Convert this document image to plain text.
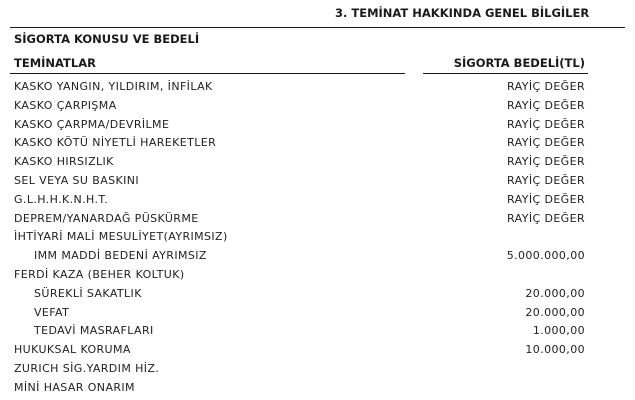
3. TEMİNAT HAKKINDA GENEL BİLGİLER
SİGORTA KONUSU VE BEDELİ
TEMİNATLAR	SİGORTA BEDELİ(TL)
KASKO YANGIN, YILDIRIM, İNFİLAK	RAYİÇ DEĞER
KASKO ÇARPIŞMA	RAYİÇ DEĞER
KASKO ÇARPMA/DEVRİLME	RAYİÇ DEĞER
KASKO KÖTÜ NİYETLİ HAREKETLER	RAYİÇ DEĞER
KASKO HIRSIZLIK	RAYİÇ DEĞER
SEL VEYA SU BASKINI	RAYİÇ DEĞER
G.L.H.H.K.N.H.T.	RAYİÇ DEĞER
DEPREM/YANARDAĞ PÜSKÜRME	RAYİÇ DEĞER
İHTİYARİ MALİ MESULİYET(AYRIMSIZ)
IMM MADDİ BEDENİ AYRIMSIZ	5.000.000,00
FERDİ KAZA (BEHER KOLTUK)
SÜREKLİ SAKATLIK	20.000,00
VEFAT	20.000,00
TEDAVİ MASRAFLARI	1.000,00
HUKUKSAL KORUMA	10.000,00
ZURICH SİG.YARDIM HİZ.
MİNİ HASAR ONARIM
